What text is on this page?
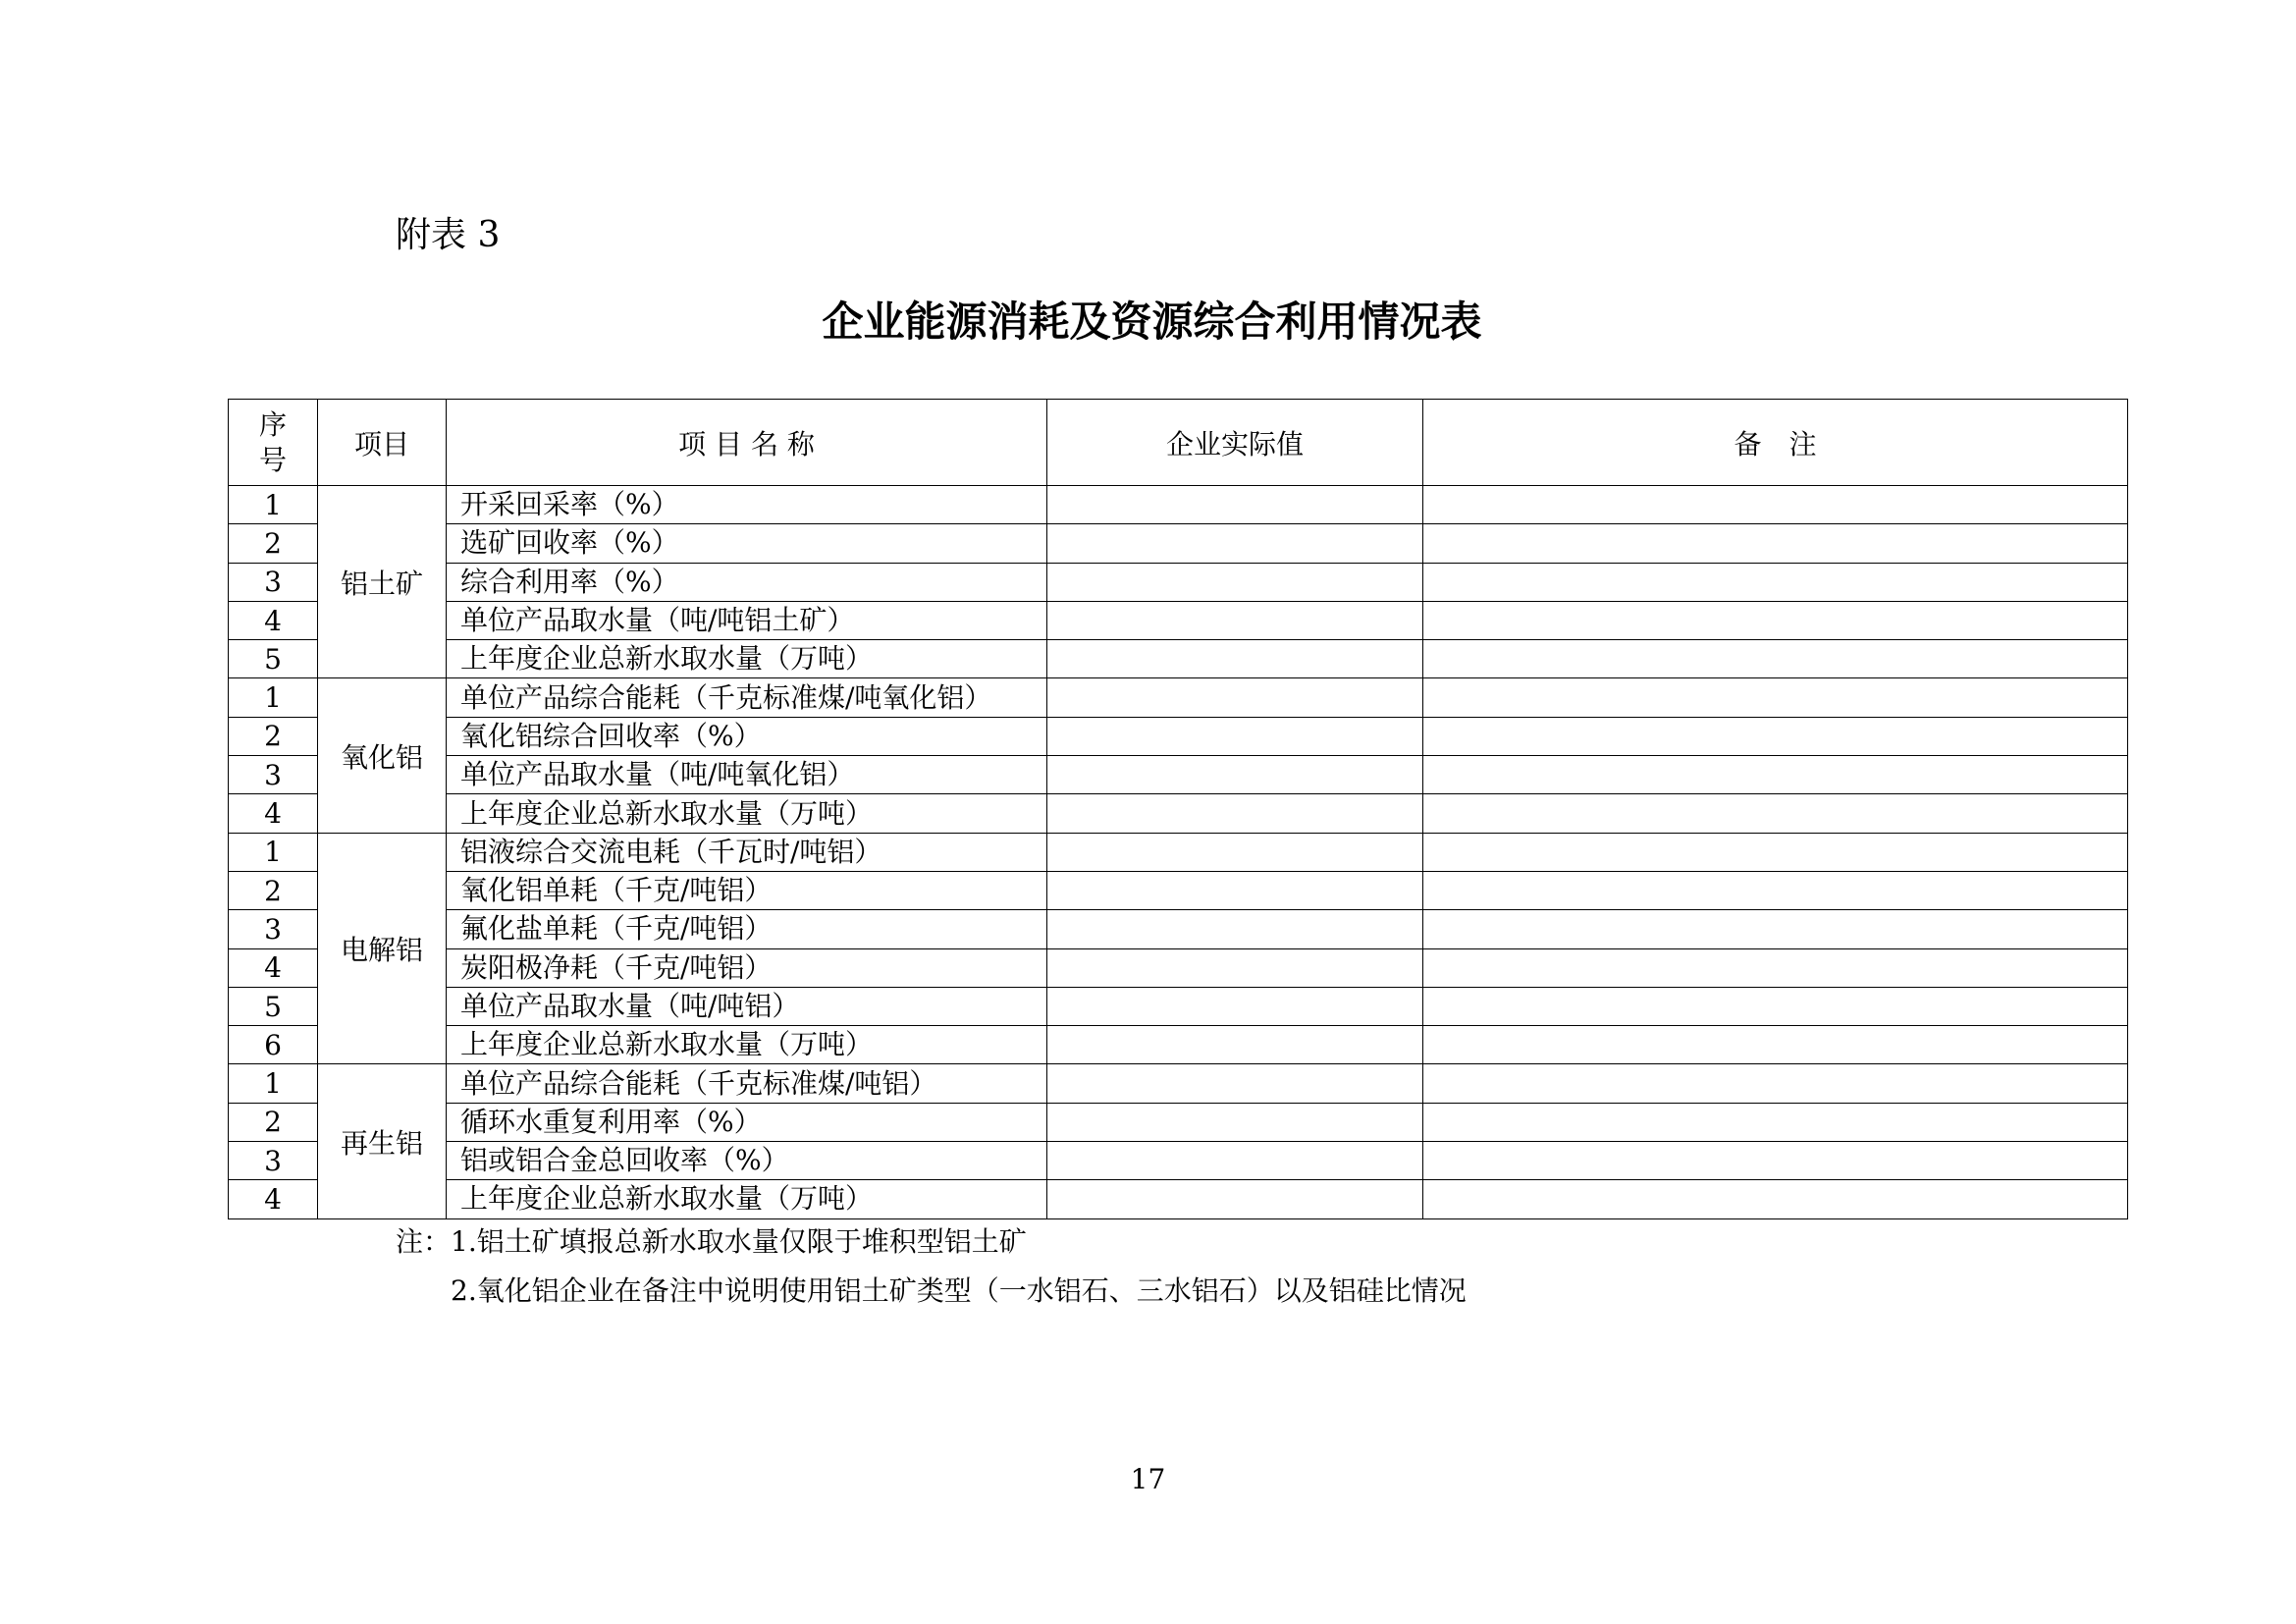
附表 3
企业能源消耗及资源综合利用情况表
序
号	项目	项 目 名 称	企业实际值	备　注
1	铝土矿	开采回采率（%）		
2		选矿回收率（%）		
3		综合利用率（%）		
4		单位产品取水量（吨/吨铝土矿）		
5		上年度企业总新水取水量（万吨）		
1	氧化铝	单位产品综合能耗（千克标准煤/吨氧化铝）		
2		氧化铝综合回收率（%）		
3		单位产品取水量（吨/吨氧化铝）		
4		上年度企业总新水取水量（万吨）		
1	电解铝	铝液综合交流电耗（千瓦时/吨铝）		
2		氧化铝单耗（千克/吨铝）		
3		氟化盐单耗（千克/吨铝）		
4		炭阳极净耗（千克/吨铝）		
5		单位产品取水量（吨/吨铝）		
6		上年度企业总新水取水量（万吨）		
1	再生铝	单位产品综合能耗（千克标准煤/吨铝）		
2		循环水重复利用率（%）		
3		铝或铝合金总回收率（%）		
4		上年度企业总新水取水量（万吨）		
注：1.铝土矿填报总新水取水量仅限于堆积型铝土矿
2.氧化铝企业在备注中说明使用铝土矿类型（一水铝石、三水铝石）以及铝硅比情况
17
